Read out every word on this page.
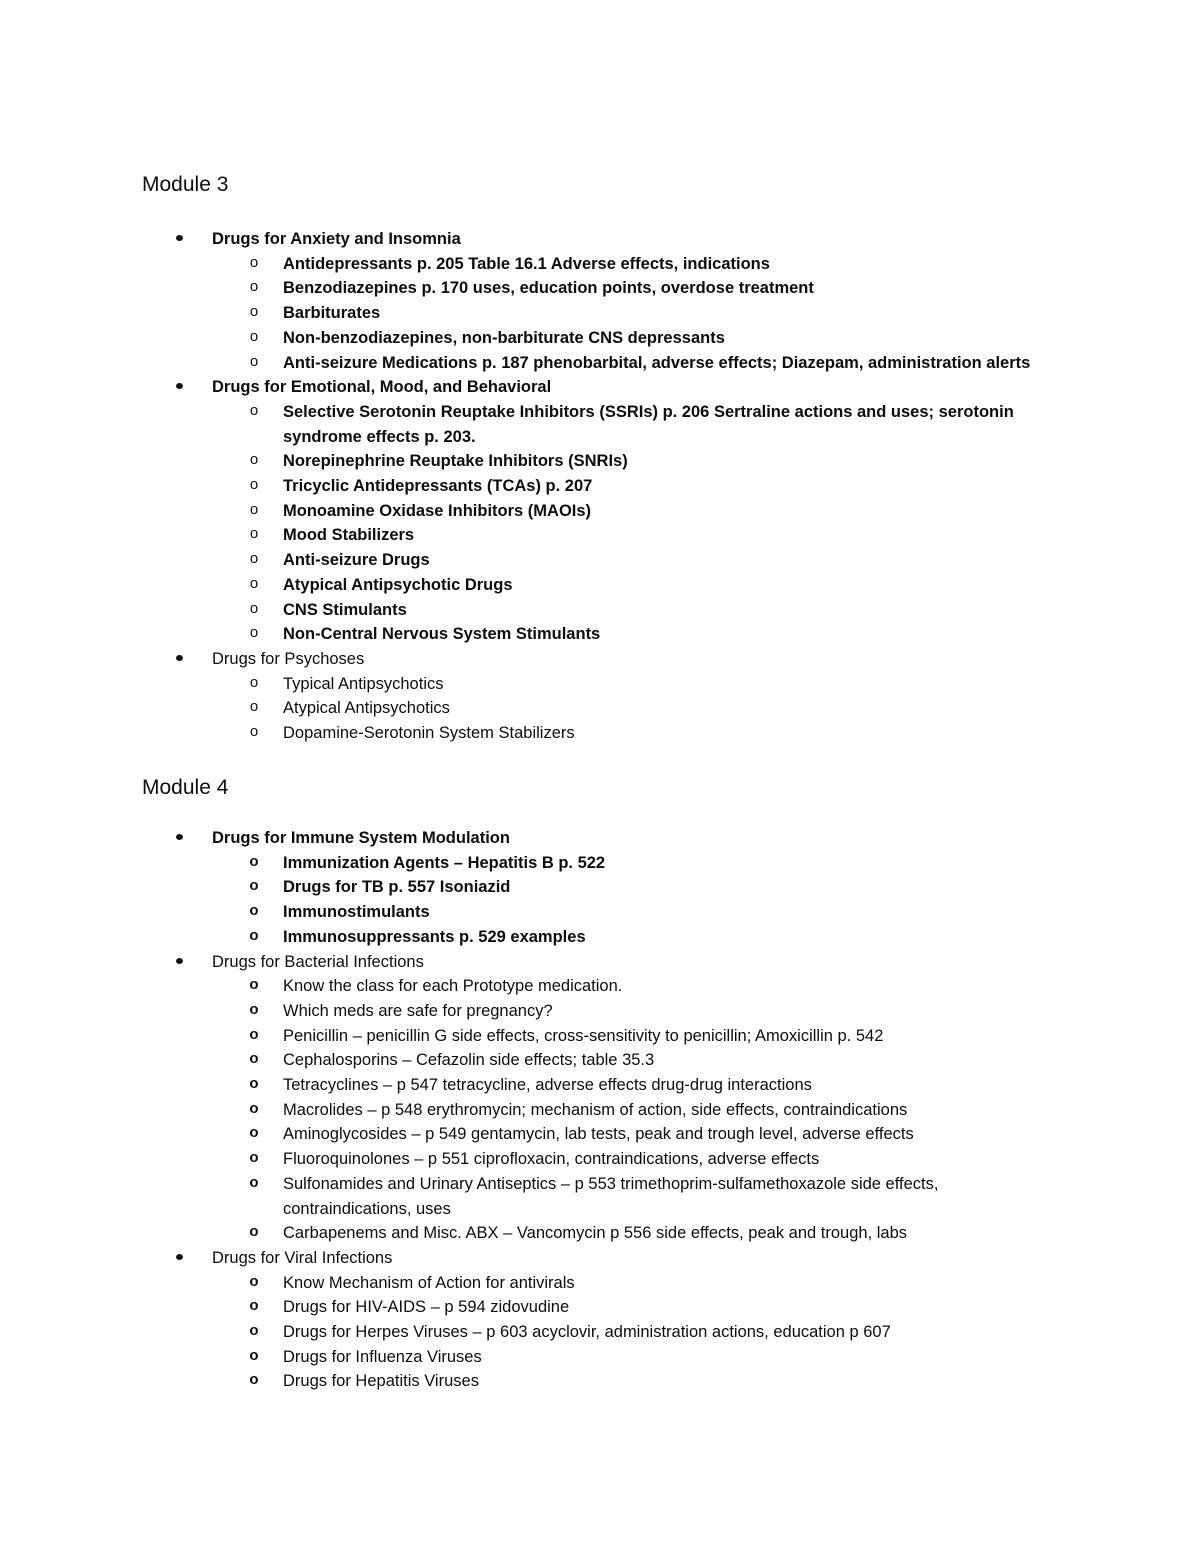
Module 3
Drugs for Anxiety and Insomnia
o Antidepressants p. 205 Table 16.1 Adverse effects, indications
o Benzodiazepines p. 170 uses, education points, overdose treatment
o Barbiturates
o Non-benzodiazepines, non-barbiturate CNS depressants
o Anti-seizure Medications p. 187 phenobarbital, adverse effects; Diazepam, administration alerts
Drugs for Emotional, Mood, and Behavioral
o Selective Serotonin Reuptake Inhibitors (SSRIs) p. 206 Sertraline actions and uses; serotonin syndrome effects p. 203.
o Norepinephrine Reuptake Inhibitors (SNRIs)
o Tricyclic Antidepressants (TCAs) p. 207
o Monoamine Oxidase Inhibitors (MAOIs)
o Mood Stabilizers
o Anti-seizure Drugs
o Atypical Antipsychotic Drugs
o CNS Stimulants
o Non-Central Nervous System Stimulants
Drugs for Psychoses
o Typical Antipsychotics
o Atypical Antipsychotics
o Dopamine-Serotonin System Stabilizers
Module 4
Drugs for Immune System Modulation
o Immunization Agents – Hepatitis B p. 522
o Drugs for TB p. 557 Isoniazid
o Immunostimulants
o Immunosuppressants p. 529 examples
Drugs for Bacterial Infections
o Know the class for each Prototype medication.
o Which meds are safe for pregnancy?
o Penicillin – penicillin G side effects, cross-sensitivity to penicillin; Amoxicillin p. 542
o Cephalosporins – Cefazolin side effects; table 35.3
o Tetracyclines – p 547 tetracycline, adverse effects drug-drug interactions
o Macrolides – p 548 erythromycin; mechanism of action, side effects, contraindications
o Aminoglycosides – p 549 gentamycin, lab tests, peak and trough level, adverse effects
o Fluoroquinolones – p 551 ciprofloxacin, contraindications, adverse effects
o Sulfonamides and Urinary Antiseptics – p 553 trimethoprim-sulfamethoxazole side effects, contraindications, uses
o Carbapenems and Misc. ABX – Vancomycin p 556 side effects, peak and trough, labs
Drugs for Viral Infections
o Know Mechanism of Action for antivirals
o Drugs for HIV-AIDS – p 594 zidovudine
o Drugs for Herpes Viruses – p 603 acyclovir, administration actions, education p 607
o Drugs for Influenza Viruses
o Drugs for Hepatitis Viruses
